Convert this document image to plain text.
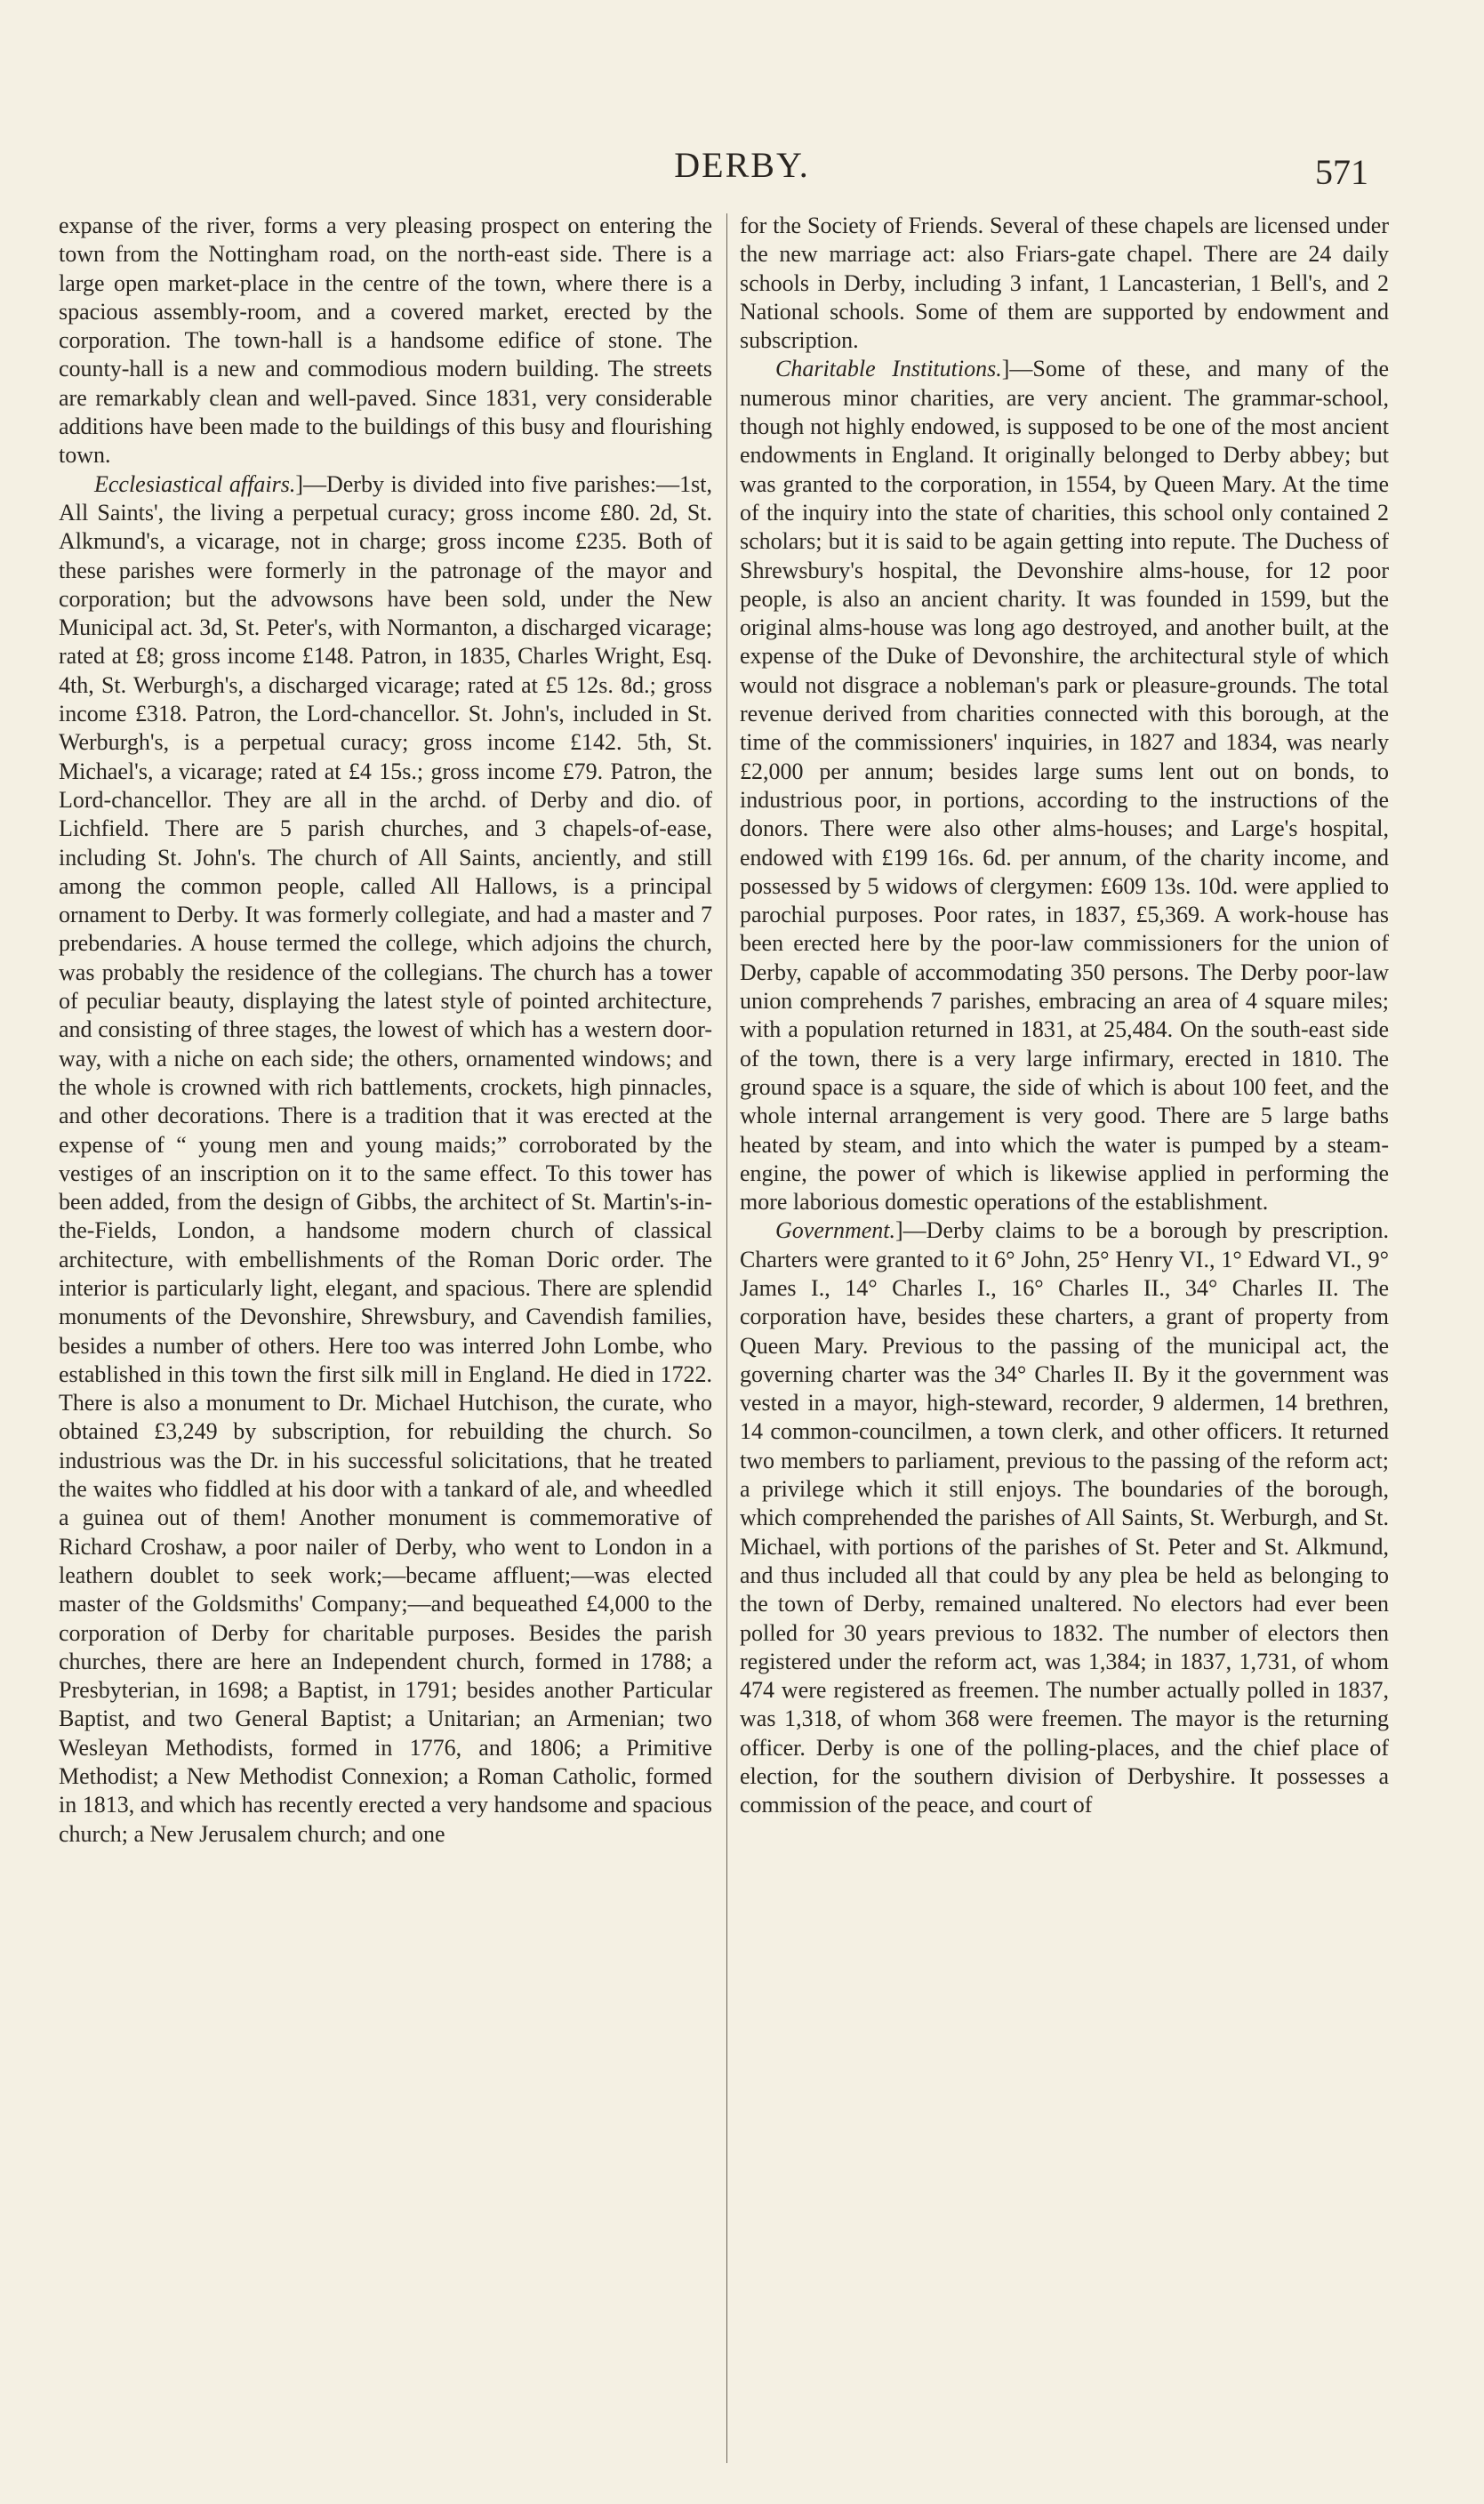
DERBY.	571

expanse of the river, forms a very pleasing prospect on entering the town from the Nottingham road, on the north-east side. There is a large open market-place in the centre of the town, where there is a spacious assembly-room, and a covered market, erected by the corporation. The town-hall is a handsome edifice of stone. The county-hall is a new and commodious modern building. The streets are remarkably clean and well-paved. Since 1831, very considerable additions have been made to the buildings of this busy and flourishing town.

Ecclesiastical affairs.]—Derby is divided into five parishes:—1st, All Saints', the living a perpetual curacy; gross income £80. 2d, St. Alkmund's, a vicarage, not in charge; gross income £235. Both of these parishes were formerly in the patronage of the mayor and corporation; but the advowsons have been sold, under the New Municipal act. 3d, St. Peter's, with Normanton, a discharged vicarage; rated at £8; gross income £148. Patron, in 1835, Charles Wright, Esq. 4th, St. Werburgh's, a discharged vicarage; rated at £5 12s. 8d.; gross income £318. Patron, the Lord-chancellor. St. John's, included in St. Werburgh's, is a perpetual curacy; gross income £142. 5th, St. Michael's, a vicarage; rated at £4 15s.; gross income £79. Patron, the Lord-chancellor. They are all in the archd. of Derby and dio. of Lichfield. There are 5 parish churches, and 3 chapels-of-ease, including St. John's. The church of All Saints, anciently, and still among the common people, called All Hallows, is a principal ornament to Derby. It was formerly collegiate, and had a master and 7 prebendaries. A house termed the college, which adjoins the church, was probably the residence of the collegians. The church has a tower of peculiar beauty, displaying the latest style of pointed architecture, and consisting of three stages, the lowest of which has a western door-way, with a niche on each side; the others, ornamented windows; and the whole is crowned with rich battlements, crockets, high pinnacles, and other decorations. There is a tradition that it was erected at the expense of “ young men and young maids;” corroborated by the vestiges of an inscription on it to the same effect. To this tower has been added, from the design of Gibbs, the architect of St. Martin's-in-the-Fields, London, a handsome modern church of classical architecture, with embellishments of the Roman Doric order. The interior is particularly light, elegant, and spacious. There are splendid monuments of the Devonshire, Shrewsbury, and Cavendish families, besides a number of others. Here too was interred John Lombe, who established in this town the first silk mill in England. He died in 1722. There is also a monument to Dr. Michael Hutchison, the curate, who obtained £3,249 by subscription, for rebuilding the church. So industrious was the Dr. in his successful solicitations, that he treated the waites who fiddled at his door with a tankard of ale, and wheedled a guinea out of them! Another monument is commemorative of Richard Croshaw, a poor nailer of Derby, who went to London in a leathern doublet to seek work;—became affluent;—was elected master of the Goldsmiths' Company;—and bequeathed £4,000 to the corporation of Derby for charitable purposes. Besides the parish churches, there are here an Independent church, formed in 1788; a Presbyterian, in 1698; a Baptist, in 1791; besides another Particular Baptist, and two General Baptist; a Unitarian; an Armenian; two Wesleyan Methodists, formed in 1776, and 1806; a Primitive Methodist; a New Methodist Connexion; a Roman Catholic, formed in 1813, and which has recently erected a very handsome and spacious church; a New Jerusalem church; and one

for the Society of Friends. Several of these chapels are licensed under the new marriage act: also Friars-gate chapel. There are 24 daily schools in Derby, including 3 infant, 1 Lancasterian, 1 Bell's, and 2 National schools. Some of them are supported by endowment and subscription.

Charitable Institutions.]—Some of these, and many of the numerous minor charities, are very ancient. The grammar-school, though not highly endowed, is supposed to be one of the most ancient endowments in England. It originally belonged to Derby abbey; but was granted to the corporation, in 1554, by Queen Mary. At the time of the inquiry into the state of charities, this school only contained 2 scholars; but it is said to be again getting into repute. The Duchess of Shrewsbury's hospital, the Devonshire alms-house, for 12 poor people, is also an ancient charity. It was founded in 1599, but the original alms-house was long ago destroyed, and another built, at the expense of the Duke of Devonshire, the architectural style of which would not disgrace a nobleman's park or pleasure-grounds. The total revenue derived from charities connected with this borough, at the time of the commissioners' inquiries, in 1827 and 1834, was nearly £2,000 per annum; besides large sums lent out on bonds, to industrious poor, in portions, according to the instructions of the donors. There were also other alms-houses; and Large's hospital, endowed with £199 16s. 6d. per annum, of the charity income, and possessed by 5 widows of clergymen: £609 13s. 10d. were applied to parochial purposes. Poor rates, in 1837, £5,369. A work-house has been erected here by the poor-law commissioners for the union of Derby, capable of accommodating 350 persons. The Derby poor-law union comprehends 7 parishes, embracing an area of 4 square miles; with a population returned in 1831, at 25,484. On the south-east side of the town, there is a very large infirmary, erected in 1810. The ground space is a square, the side of which is about 100 feet, and the whole internal arrangement is very good. There are 5 large baths heated by steam, and into which the water is pumped by a steam-engine, the power of which is likewise applied in performing the more laborious domestic operations of the establishment.

Government.]—Derby claims to be a borough by prescription. Charters were granted to it 6° John, 25° Henry VI., 1° Edward VI., 9° James I., 14° Charles I., 16° Charles II., 34° Charles II. The corporation have, besides these charters, a grant of property from Queen Mary. Previous to the passing of the municipal act, the governing charter was the 34° Charles II. By it the government was vested in a mayor, high-steward, recorder, 9 aldermen, 14 brethren, 14 common-councilmen, a town clerk, and other officers. It returned two members to parliament, previous to the passing of the reform act; a privilege which it still enjoys. The boundaries of the borough, which comprehended the parishes of All Saints, St. Werburgh, and St. Michael, with portions of the parishes of St. Peter and St. Alkmund, and thus included all that could by any plea be held as belonging to the town of Derby, remained unaltered. No electors had ever been polled for 30 years previous to 1832. The number of electors then registered under the reform act, was 1,384; in 1837, 1,731, of whom 474 were registered as freemen. The number actually polled in 1837, was 1,318, of whom 368 were freemen. The mayor is the returning officer. Derby is one of the polling-places, and the chief place of election, for the southern division of Derbyshire. It possesses a commission of the peace, and court of
